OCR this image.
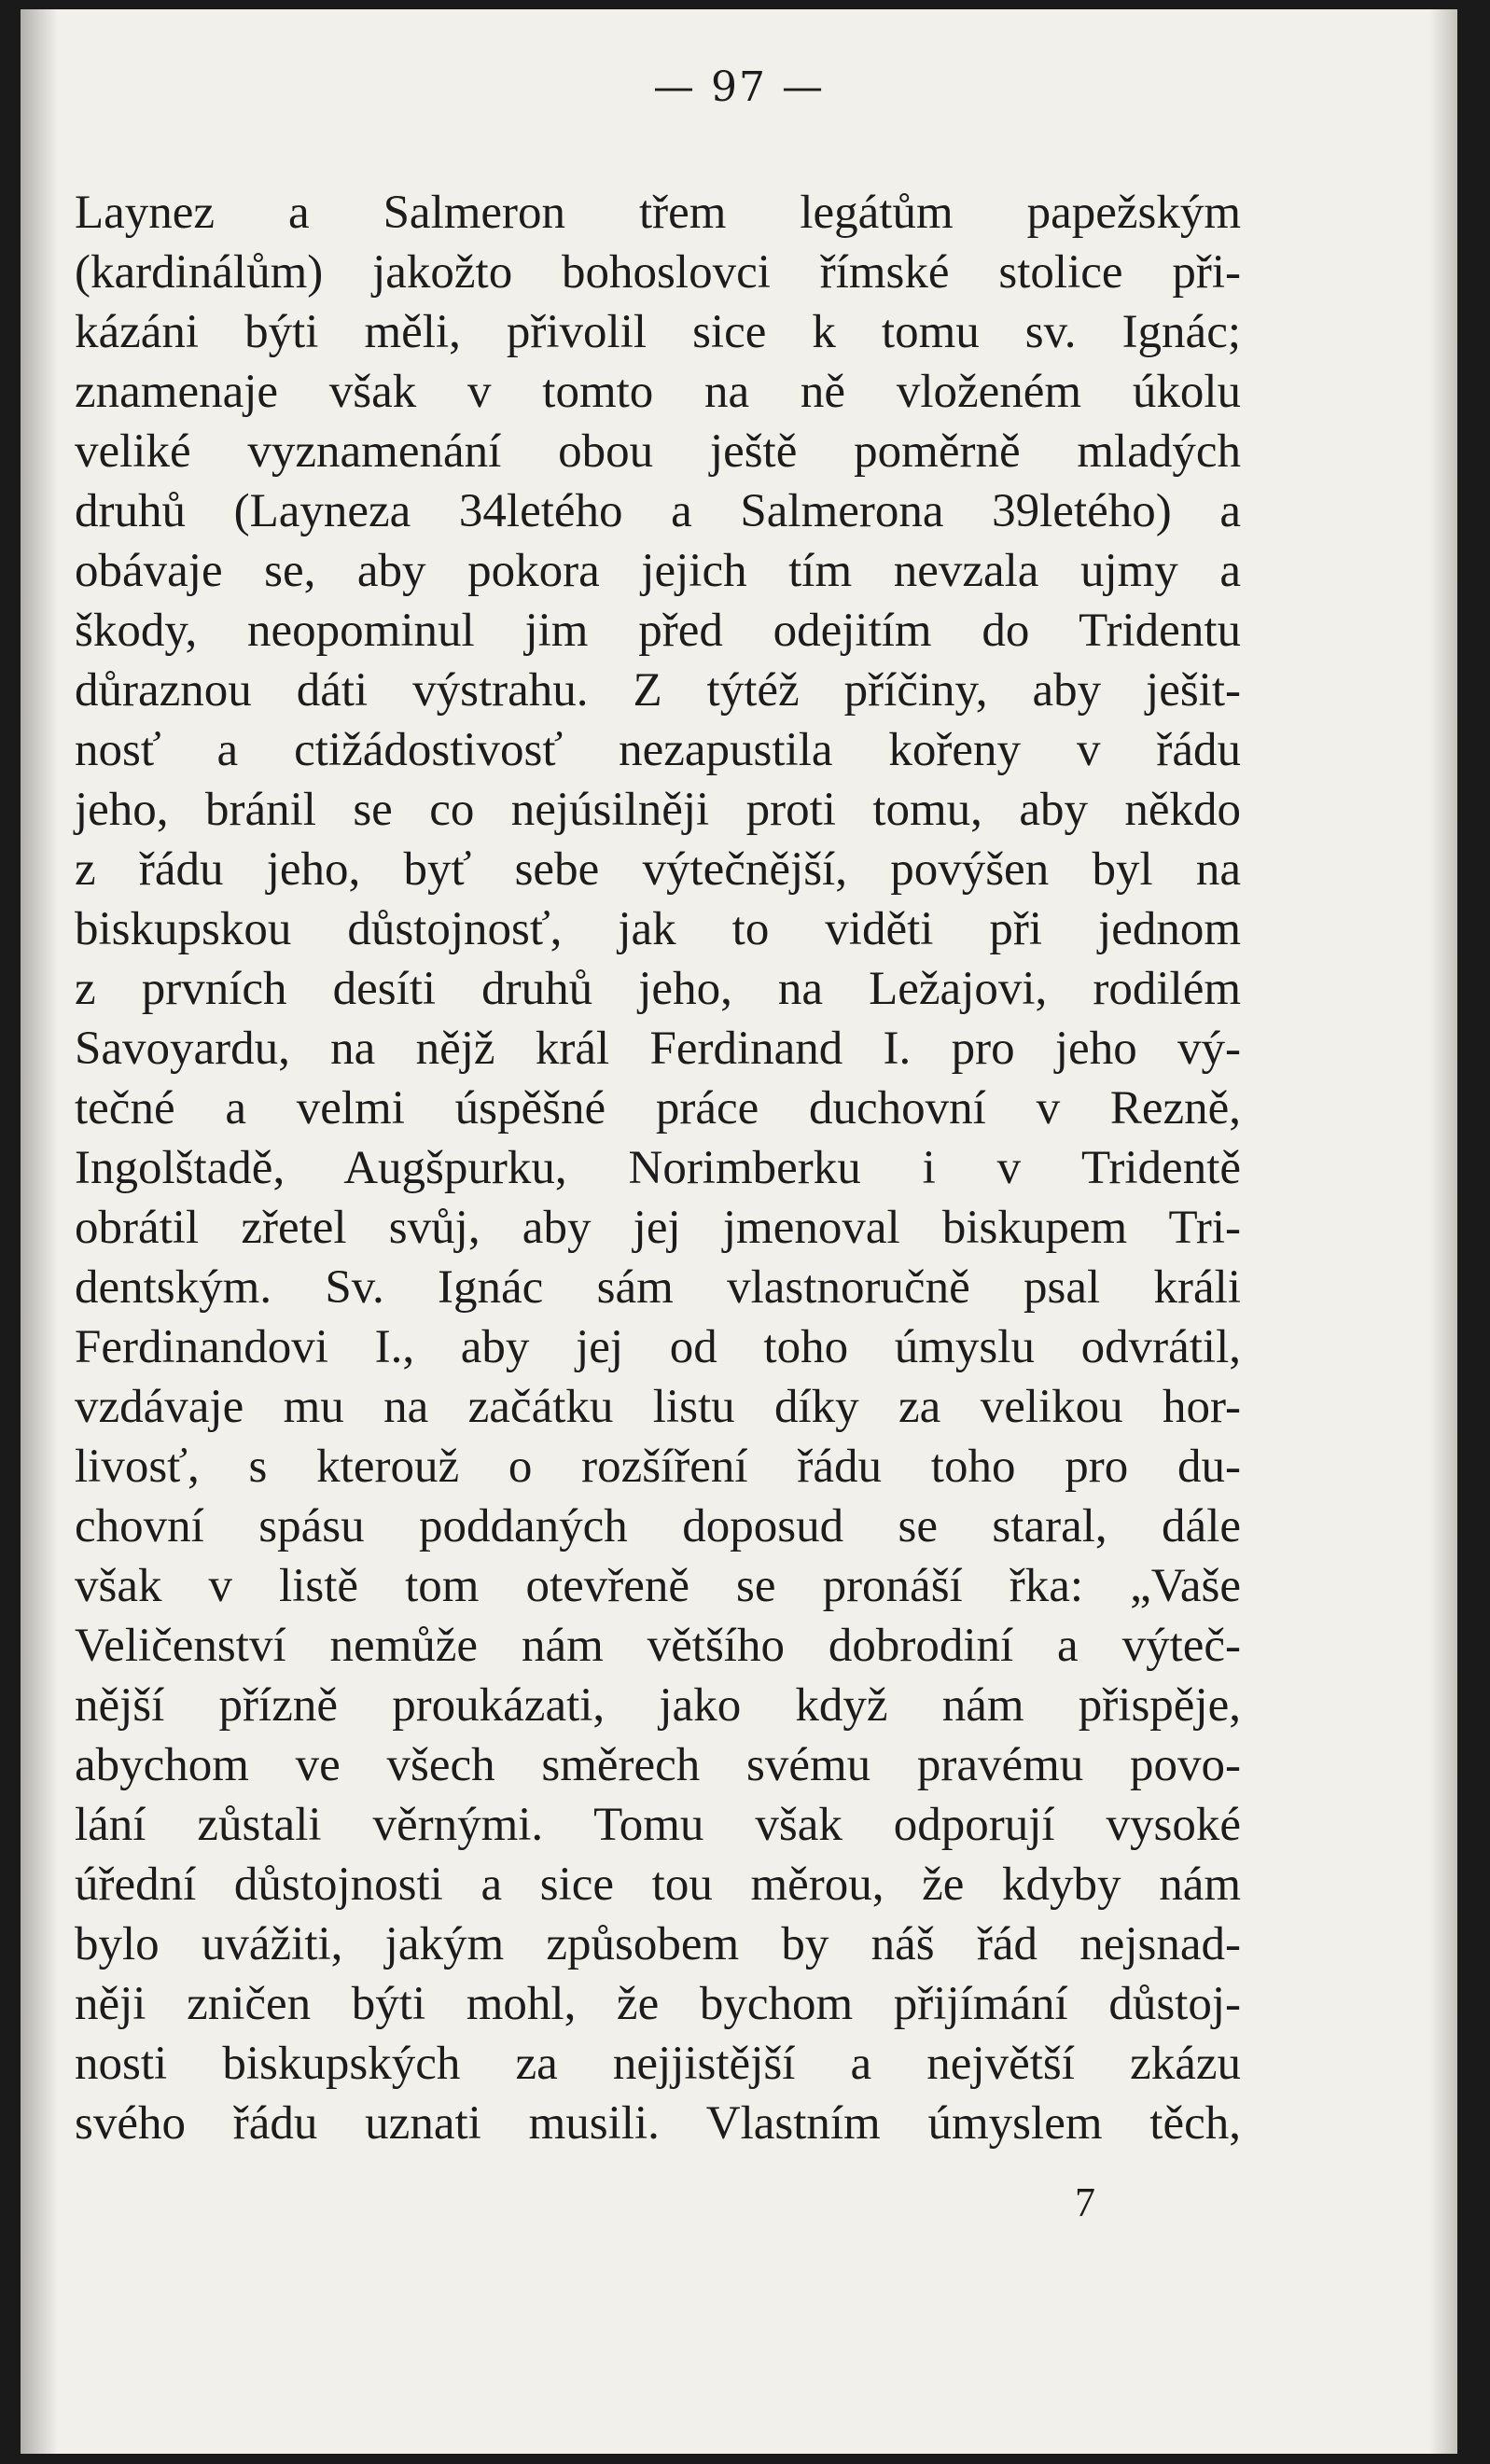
— 97 —
Laynez a Salmeron třem legátům papežským
(kardinálům) jakožto bohoslovci římské stolice při-
kázáni býti měli, přivolil sice k tomu sv. Ignác;
znamenaje však v tomto na ně vloženém úkolu
veliké vyznamenání obou ještě poměrně mladých
druhů (Layneza 34letého a Salmerona 39letého) a
obávaje se, aby pokora jejich tím nevzala ujmy a
škody, neopominul jim před odejitím do Tridentu
důraznou dáti výstrahu. Z týtéž příčiny, aby ješit-
nosť a ctižádostivosť nezapustila kořeny v řádu
jeho, bránil se co nejúsilněji proti tomu, aby někdo
z řádu jeho, byť sebe výtečnější, povýšen byl na
biskupskou důstojnosť, jak to viděti při jednom
z prvních desíti druhů jeho, na Ležajovi, rodilém
Savoyardu, na nějž král Ferdinand I. pro jeho vý-
tečné a velmi úspěšné práce duchovní v Rezně,
Ingolštadě, Augšpurku, Norimberku i v Tridentě
obrátil zřetel svůj, aby jej jmenoval biskupem Tri-
dentským. Sv. Ignác sám vlastnoručně psal králi
Ferdinandovi I., aby jej od toho úmyslu odvrátil,
vzdávaje mu na začátku listu díky za velikou hor-
livosť, s kterouž o rozšíření řádu toho pro du-
chovní spásu poddaných doposud se staral, dále
však v listě tom otevřeně se pronáší řka: „Vaše
Veličenství nemůže nám většího dobrodiní a výteč-
nější přízně proukázati, jako když nám přispěje,
abychom ve všech směrech svému pravému povo-
lání zůstali věrnými. Tomu však odporují vysoké
úřední důstojnosti a sice tou měrou, že kdyby nám
bylo uvážiti, jakým způsobem by náš řád nejsnad-
něji zničen býti mohl, že bychom přijímání důstoj-
nosti biskupských za nejjistější a největší zkázu
svého řádu uznati musili. Vlastním úmyslem těch,
7
